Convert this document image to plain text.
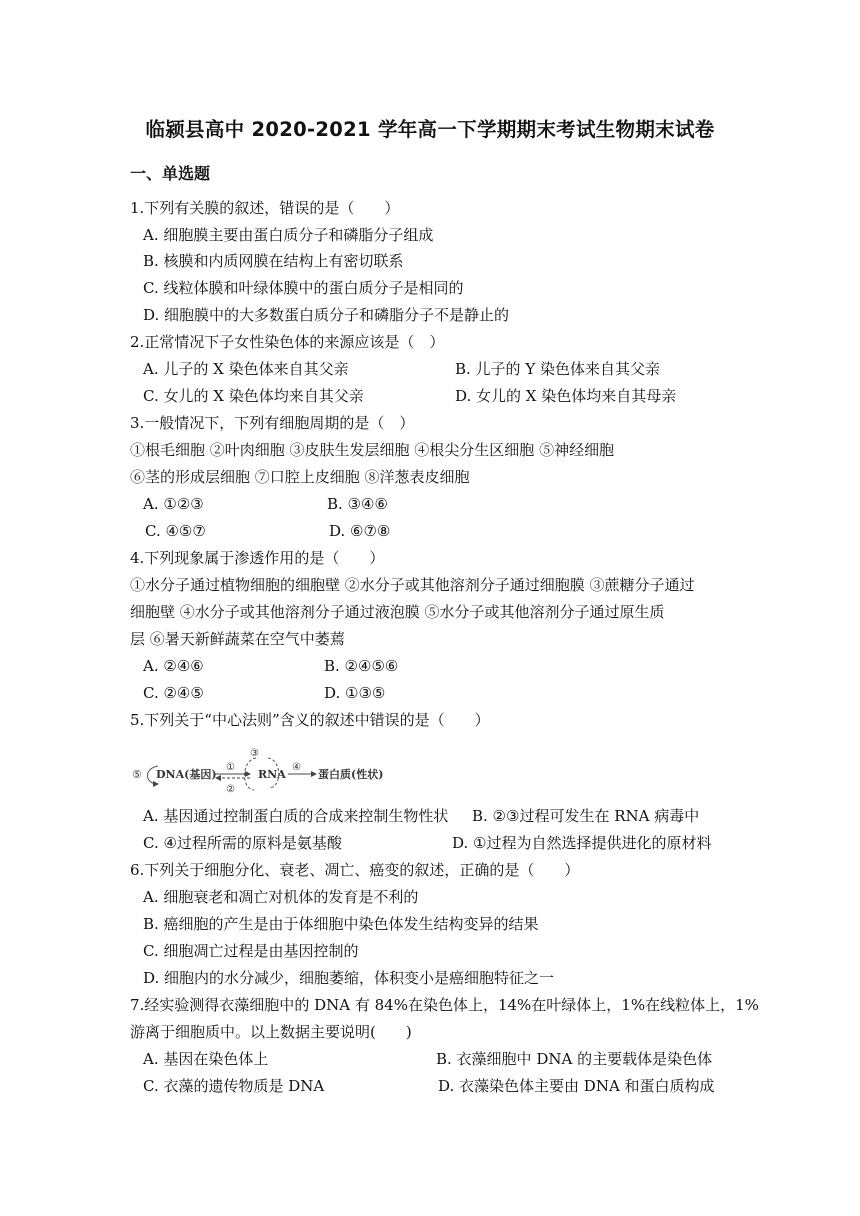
临颍县高中 2020-2021 学年高一下学期期末考试生物期末试卷
一、单选题
1.下列有关膜的叙述，错误的是（　　）
A. 细胞膜主要由蛋白质分子和磷脂分子组成
B. 核膜和内质网膜在结构上有密切联系
C. 线粒体膜和叶绿体膜中的蛋白质分子是相同的
D. 细胞膜中的大多数蛋白质分子和磷脂分子不是静止的
2.正常情况下子女性染色体的来源应该是（　）
A. 儿子的 X 染色体来自其父亲	B. 儿子的 Y 染色体来自其父亲
C. 女儿的 X 染色体均来自其父亲	D. 女儿的 X 染色体均来自其母亲
3.一般情况下，下列有细胞周期的是（　）
①根毛细胞 ②叶肉细胞 ③皮肤生发层细胞 ④根尖分生区细胞 ⑤神经细胞
⑥茎的形成层细胞 ⑦口腔上皮细胞 ⑧洋葱表皮细胞
A. ①②③	B. ③④⑥
C. ④⑤⑦	D. ⑥⑦⑧
4.下列现象属于渗透作用的是（　　）
①水分子通过植物细胞的细胞壁 ②水分子或其他溶剂分子通过细胞膜 ③蔗糖分子通过
细胞壁 ④水分子或其他溶剂分子通过液泡膜 ⑤水分子或其他溶剂分子通过原生质
层 ⑥暑天新鲜蔬菜在空气中萎蔫
A. ②④⑥	B. ②④⑤⑥
C. ②④⑤	D. ①③⑤
5.下列关于“中心法则”含义的叙述中错误的是（　　）
⑤ DNA(基因)
①
②
③
RNA
④
蛋白质(性状)
A. 基因通过控制蛋白质的合成来控制生物性状 B. ②③过程可发生在 RNA 病毒中
C. ④过程所需的原料是氨基酸	D. ①过程为自然选择提供进化的原材料
6.下列关于细胞分化、衰老、凋亡、癌变的叙述，正确的是（　　）
A. 细胞衰老和凋亡对机体的发育是不利的
B. 癌细胞的产生是由于体细胞中染色体发生结构变异的结果
C. 细胞凋亡过程是由基因控制的
D. 细胞内的水分减少，细胞萎缩，体积变小是癌细胞特征之一
7.经实验测得衣藻细胞中的 DNA 有 84%在染色体上，14%在叶绿体上，1%在线粒体上，1%
游离于细胞质中。以上数据主要说明(　　)
A. 基因在染色体上	B. 衣藻细胞中 DNA 的主要载体是染色体
C. 衣藻的遗传物质是 DNA	D. 衣藻染色体主要由 DNA 和蛋白质构成
